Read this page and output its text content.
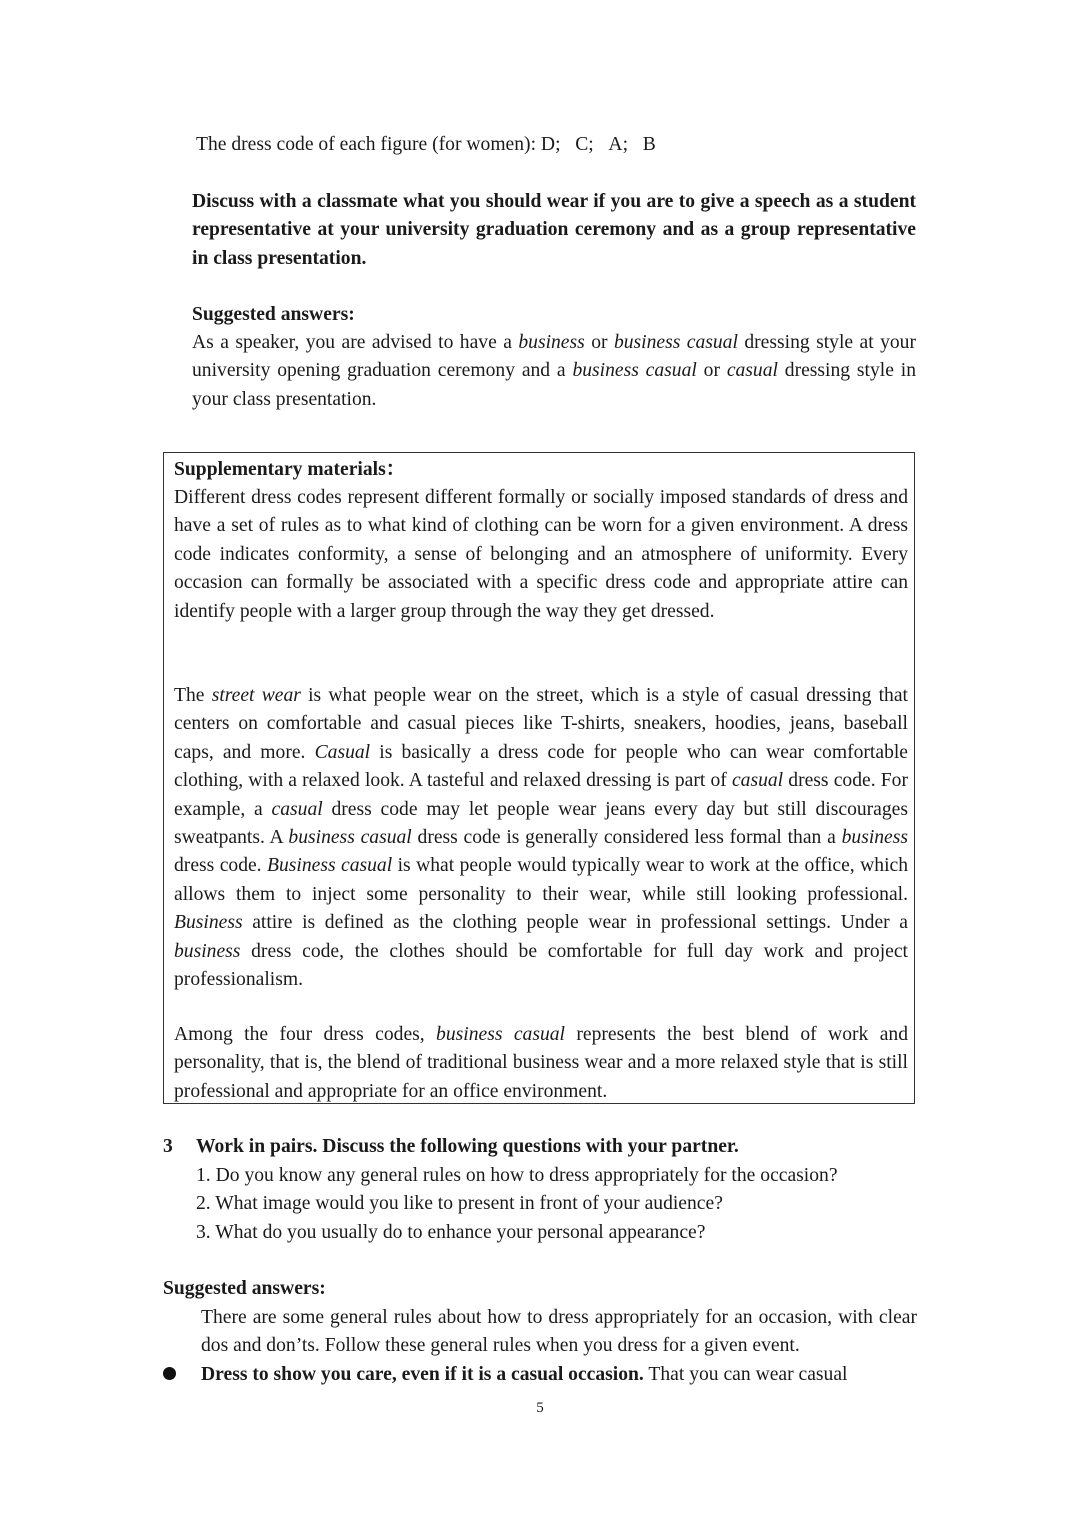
The dress code of each figure (for women): D;   C;   A;   B

Discuss with a classmate what you should wear if you are to give a speech as a student representative at your university graduation ceremony and as a group representative in class presentation.

Suggested answers:

As a speaker, you are advised to have a business or business casual dressing style at your university opening graduation ceremony and a business casual or casual dressing style in your class presentation.

Supplementary materials：

Different dress codes represent different formally or socially imposed standards of dress and have a set of rules as to what kind of clothing can be worn for a given environment. A dress code indicates conformity, a sense of belonging and an atmosphere of uniformity. Every occasion can formally be associated with a specific dress code and appropriate attire can identify people with a larger group through the way they get dressed.

The street wear is what people wear on the street, which is a style of casual dressing that centers on comfortable and casual pieces like T-shirts, sneakers, hoodies, jeans, baseball caps, and more. Casual is basically a dress code for people who can wear comfortable clothing, with a relaxed look. A tasteful and relaxed dressing is part of casual dress code. For example, a casual dress code may let people wear jeans every day but still discourages sweatpants. A business casual dress code is generally considered less formal than a business dress code. Business casual is what people would typically wear to work at the office, which allows them to inject some personality to their wear, while still looking professional. Business attire is defined as the clothing people wear in professional settings. Under a business dress code, the clothes should be comfortable for full day work and project professionalism.

Among the four dress codes, business casual represents the best blend of work and personality, that is, the blend of traditional business wear and a more relaxed style that is still professional and appropriate for an office environment.

3 Work in pairs. Discuss the following questions with your partner.
1. Do you know any general rules on how to dress appropriately for the occasion?
2. What image would you like to present in front of your audience?
3. What do you usually do to enhance your personal appearance?
Suggested answers:

There are some general rules about how to dress appropriately for an occasion, with clear dos and don’ts. Follow these general rules when you dress for a given event.

Dress to show you care, even if it is a casual occasion. That you can wear casual
5
